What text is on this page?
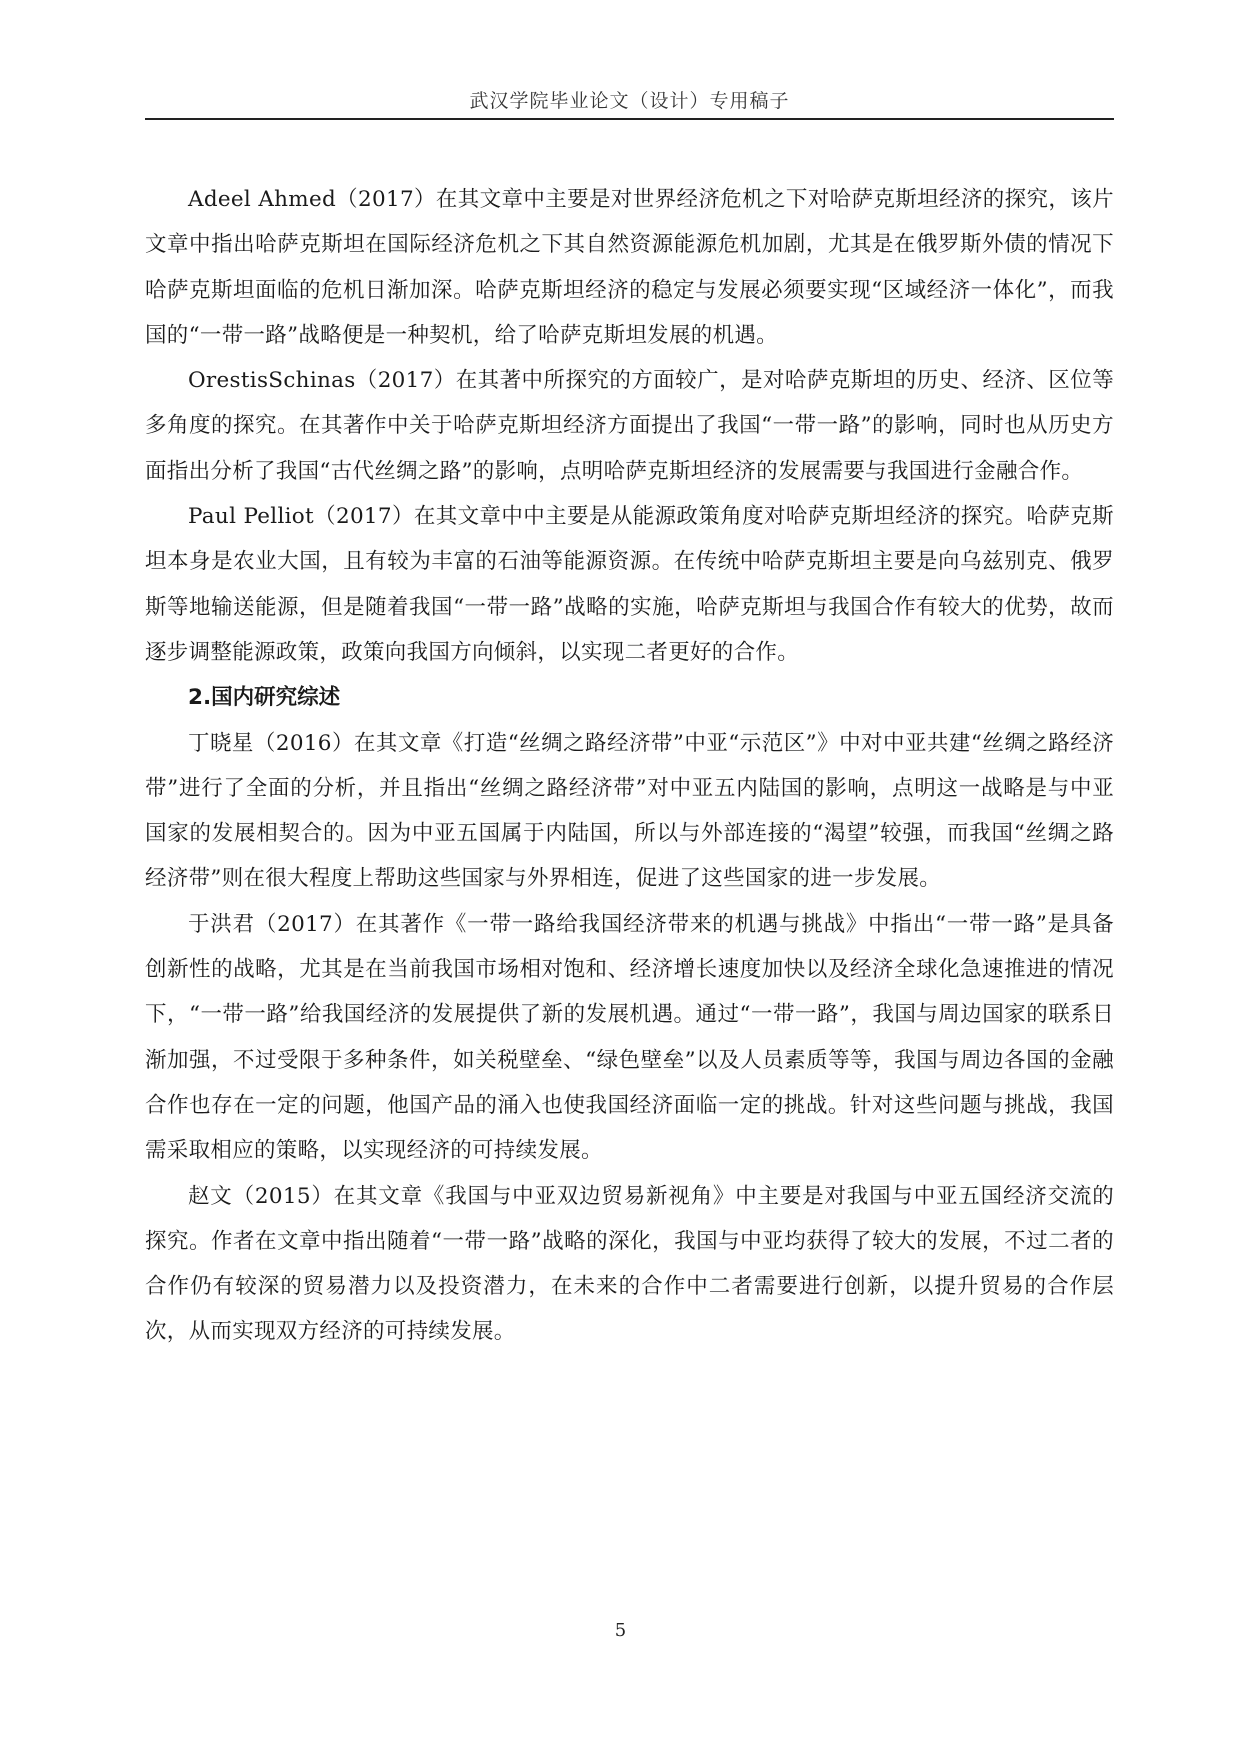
武汉学院毕业论文（设计）专用稿子

Adeel Ahmed（2017）在其文章中主要是对世界经济危机之下对哈萨克斯坦经济的探究，该片文章中指出哈萨克斯坦在国际经济危机之下其自然资源能源危机加剧，尤其是在俄罗斯外债的情况下哈萨克斯坦面临的危机日渐加深。哈萨克斯坦经济的稳定与发展必须要实现“区域经济一体化”，而我国的“一带一路”战略便是一种契机，给了哈萨克斯坦发展的机遇。

OrestisSchinas（2017）在其著中所探究的方面较广，是对哈萨克斯坦的历史、经济、区位等多角度的探究。在其著作中关于哈萨克斯坦经济方面提出了我国“一带一路”的影响，同时也从历史方面指出分析了我国“古代丝绸之路”的影响，点明哈萨克斯坦经济的发展需要与我国进行金融合作。

Paul Pelliot（2017）在其文章中中主要是从能源政策角度对哈萨克斯坦经济的探究。哈萨克斯坦本身是农业大国，且有较为丰富的石油等能源资源。在传统中哈萨克斯坦主要是向乌兹别克、俄罗斯等地输送能源，但是随着我国“一带一路”战略的实施，哈萨克斯坦与我国合作有较大的优势，故而逐步调整能源政策，政策向我国方向倾斜，以实现二者更好的合作。

2.国内研究综述

丁晓星（2016）在其文章《打造“丝绸之路经济带”中亚“示范区”》中对中亚共建“丝绸之路经济带”进行了全面的分析，并且指出“丝绸之路经济带”对中亚五内陆国的影响，点明这一战略是与中亚国家的发展相契合的。因为中亚五国属于内陆国，所以与外部连接的“渴望”较强，而我国“丝绸之路经济带”则在很大程度上帮助这些国家与外界相连，促进了这些国家的进一步发展。

于洪君（2017）在其著作《一带一路给我国经济带来的机遇与挑战》中指出“一带一路”是具备创新性的战略，尤其是在当前我国市场相对饱和、经济增长速度加快以及经济全球化急速推进的情况下，“一带一路”给我国经济的发展提供了新的发展机遇。通过“一带一路”，我国与周边国家的联系日渐加强，不过受限于多种条件，如关税壁垒、“绿色壁垒”以及人员素质等等，我国与周边各国的金融合作也存在一定的问题，他国产品的涌入也使我国经济面临一定的挑战。针对这些问题与挑战，我国需采取相应的策略，以实现经济的可持续发展。

赵文（2015）在其文章《我国与中亚双边贸易新视角》中主要是对我国与中亚五国经济交流的探究。作者在文章中指出随着“一带一路”战略的深化，我国与中亚均获得了较大的发展，不过二者的合作仍有较深的贸易潜力以及投资潜力，在未来的合作中二者需要进行创新，以提升贸易的合作层次，从而实现双方经济的可持续发展。

5
